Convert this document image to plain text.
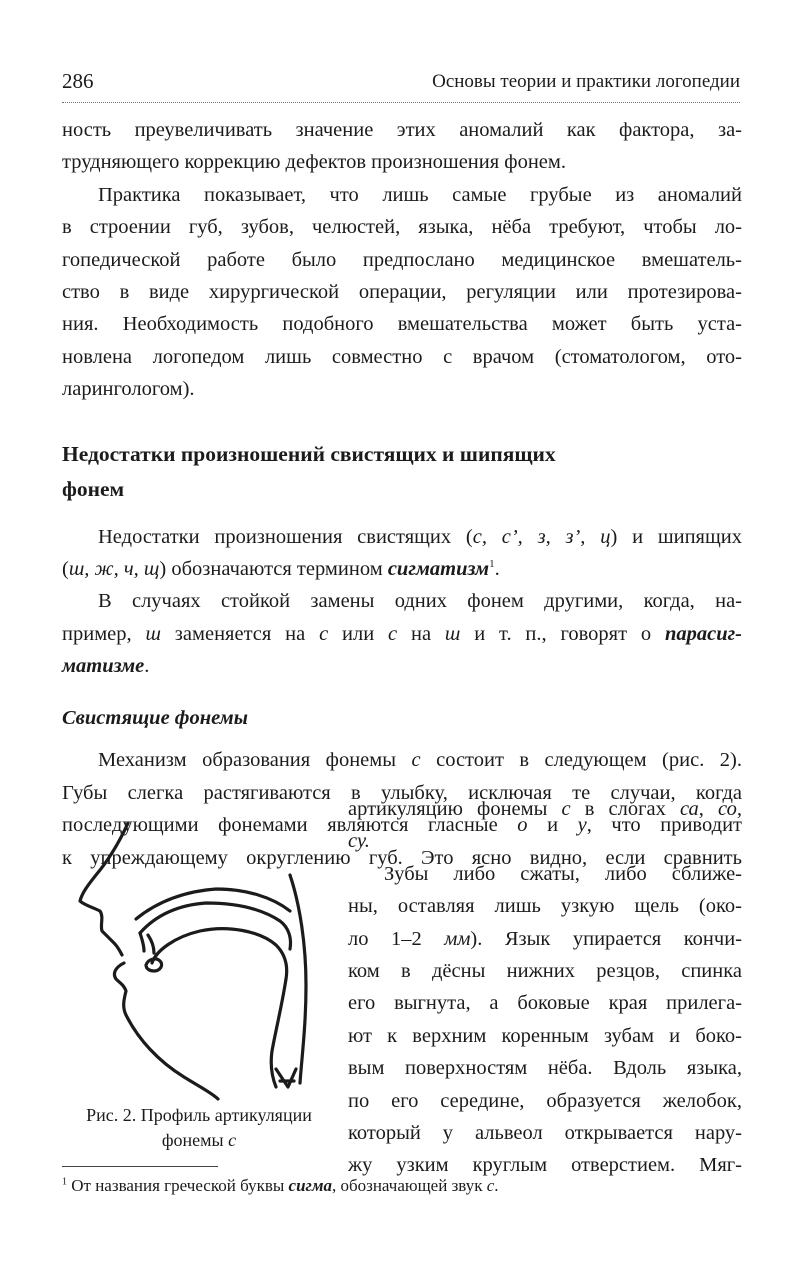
286	Основы теории и практики логопедии
ность преувеличивать значение этих аномалий как фактора, за-
трудняющего коррекцию дефектов произношения фонем.
Практика показывает, что лишь самые грубые из аномалий
в строении губ, зубов, челюстей, языка, нёба требуют, чтобы ло-
гопедической работе было предпослано медицинское вмешатель-
ство в виде хирургической операции, регуляции или протезирова-
ния. Необходимость подобного вмешательства может быть уста-
новлена логопедом лишь совместно с врачом (стоматологом, ото-
ларингологом).
Недостатки произношений свистящих и шипящих
фонем
Недостатки произношения свистящих (с, с’, з, з’, ц) и шипящих
(ш, ж, ч, щ) обозначаются термином сигматизм$^1$.
В случаях стойкой замены одних фонем другими, когда, на-
пример, ш заменяется на с или с на ш и т. п., говорят о парасиг-
матизме.
Свистящие фонемы
Механизм образования фонемы с состоит в следующем (рис. 2).
Губы слегка растягиваются в улыбку, исключая те случаи, когда
последующими фонемами являются гласные о и у, что приводит
к упреждающему округлению губ. Это ясно видно, если сравнить
артикуляцию фонемы с в слогах са, со,
су.
Зубы либо сжаты, либо сближе-
ны, оставляя лишь узкую щель (око-
ло 1–2 мм). Язык упирается кончи-
ком в дёсны нижних резцов, спинка
его выгнута, а боковые края прилега-
ют к верхним коренным зубам и боко-
вым поверхностям нёба. Вдоль языка,
по его середине, образуется желобок,
который у альвеол открывается нару-
жу узким круглым отверстием. Мяг-
Рис. 2. Профиль артикуляции
фонемы с
$^1$ От названия греческой буквы сигма, обозначающей звук с.
